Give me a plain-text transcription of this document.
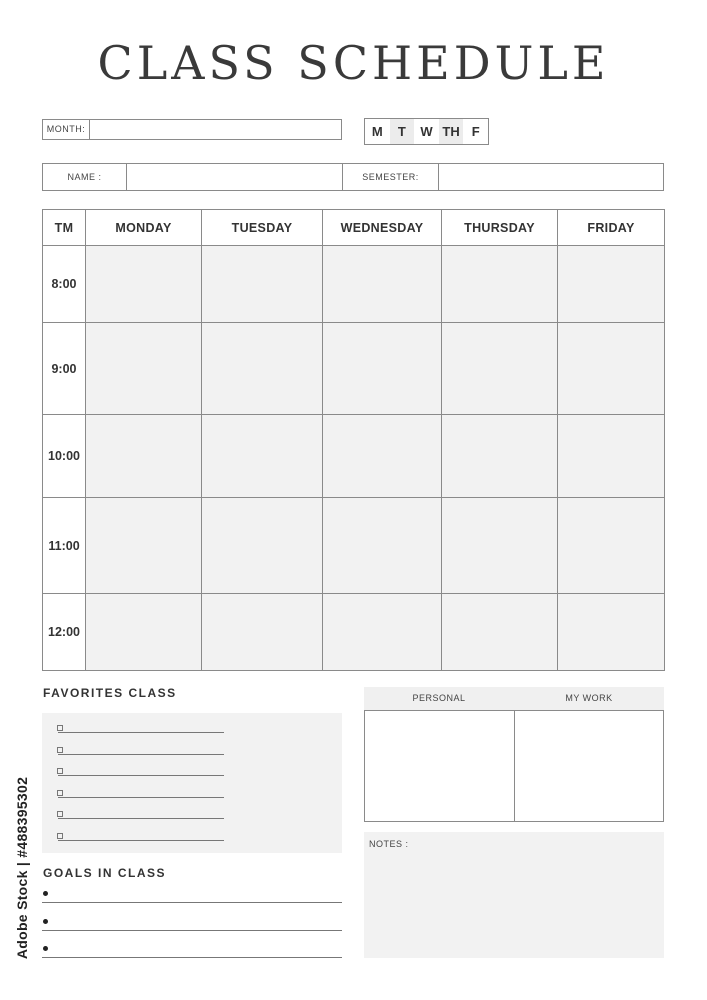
CLASS SCHEDULE
MONTH:	M	T	W TH F
NAME :	SEMESTER:
TM	MONDAY	TUESDAY	WEDNESDAY	THURSDAY	FRIDAY
8:00					
9:00					
10:00					
11:00					
12:00					
FAVORITES CLASS
GOALS IN CLASS
PERSONAL	MY WORK
NOTES :
Adobe Stock | #488395302
